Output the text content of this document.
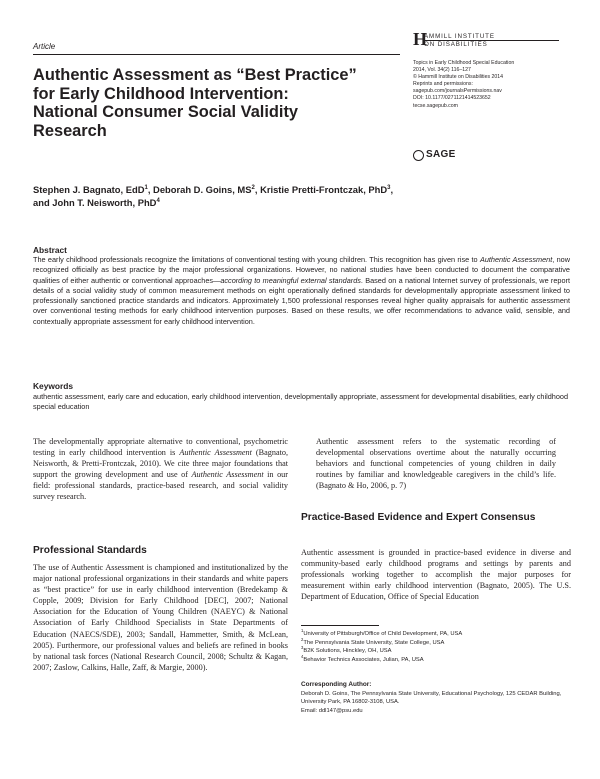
Article	H
AMMILL INSTITUTE
ON DISABILITIES
Topics in Early Childhood Special Education
2014, Vol. 34(2) 116–127
© Hammill Institute on Disabilities 2014
Reprints and permissions:
sagepub.com/journalsPermissions.nav
DOI: 10.1177/0271121414523652
tecse.sagepub.com
SAGE
Authentic Assessment as “Best Practice”
for Early Childhood Intervention:
National Consumer Social Validity
Research
Stephen J. Bagnato, EdD$^1$, Deborah D. Goins, $MS^2$, Kristie Pretti-Frontczak, PhD$^3$,
and John T. Neisworth, PhD$^4$
Abstract
The early childhood professionals recognize the limitations of conventional testing with young children. This recognition has given rise to Authentic Assessment, now recognized officially as best practice by the major professional organizations. However, no national studies have been conducted to document the comparative qualities of either authentic or conventional approaches—according to meaningful external standards. Based on a national Internet survey of professionals, we report details of a social validity study of common measurement methods on eight operationally defined standards for developmentally appropriate assessment linked to professionally sanctioned practice standards and indicators. Approximately 1,500 professional responses reveal higher quality appraisals for authentic assessment over conventional testing methods for early childhood intervention purposes. Based on these results, we offer recommendations to advance valid, sensible, and contextually appropriate assessment for early childhood intervention.
Keywords
authentic assessment, early care and education, early childhood intervention, developmentally appropriate, assessment for developmental disabilities, early childhood special education
The developmentally appropriate alternative to conventional, psychometric testing in early childhood intervention is Authentic Assessment (Bagnato, Neisworth, & Pretti-Frontczak, 2010). We cite three major foundations that support the growing development and use of Authentic Assessment in our field: professional standards, practice-based research, and social validity survey research.
Professional Standards
The use of Authentic Assessment is championed and institutionalized by the major national professional organizations in their standards and white papers as “best practice” for use in early childhood intervention (Bredekamp & Copple, 2009; Division for Early Childhood [DEC], 2007; National Association for the Education of Young Children (NAEYC) & National Association of Early Childhood Specialists in State Departments of Education (NAECS/SDE), 2003; Sandall, Hammetter, Smith, & McLean, 2005). Furthermore, our professional values and beliefs are refined in books by national task forces (National Research Council, 2008; Schultz & Kagan, 2007; Zaslow, Calkins, Halle, Zaff, & Margie, 2000).
Authentic assessment refers to the systematic recording of developmental observations overtime about the naturally occurring behaviors and functional competencies of young children in daily routines by familiar and knowledgeable caregivers in the child’s life. (Bagnato & Ho, 2006, p. 7)
Practice-Based Evidence and Expert Consensus
Authentic assessment is grounded in practice-based evidence in diverse and community-based early childhood programs and settings by parents and professionals working together to accomplish the major purposes for measurement within early childhood intervention (Bagnato, 2005). The U.S. Department of Education, Office of Special Education
$^1$University of Pittsburgh/Office of Child Development, PA, USA
$^2$The Pennsylvania State University, State College, USA
$^3$B2K Solutions, Hinckley, OH, USA
$^4$Behavior Technics Associates, Julian, PA, USA
Corresponding Author:
Deborah D. Goins, The Pennsylvania State University, Educational Psychology, 125 CEDAR Building, University Park, PA 16802-3108, USA.
Email: ddl147@psu.edu
